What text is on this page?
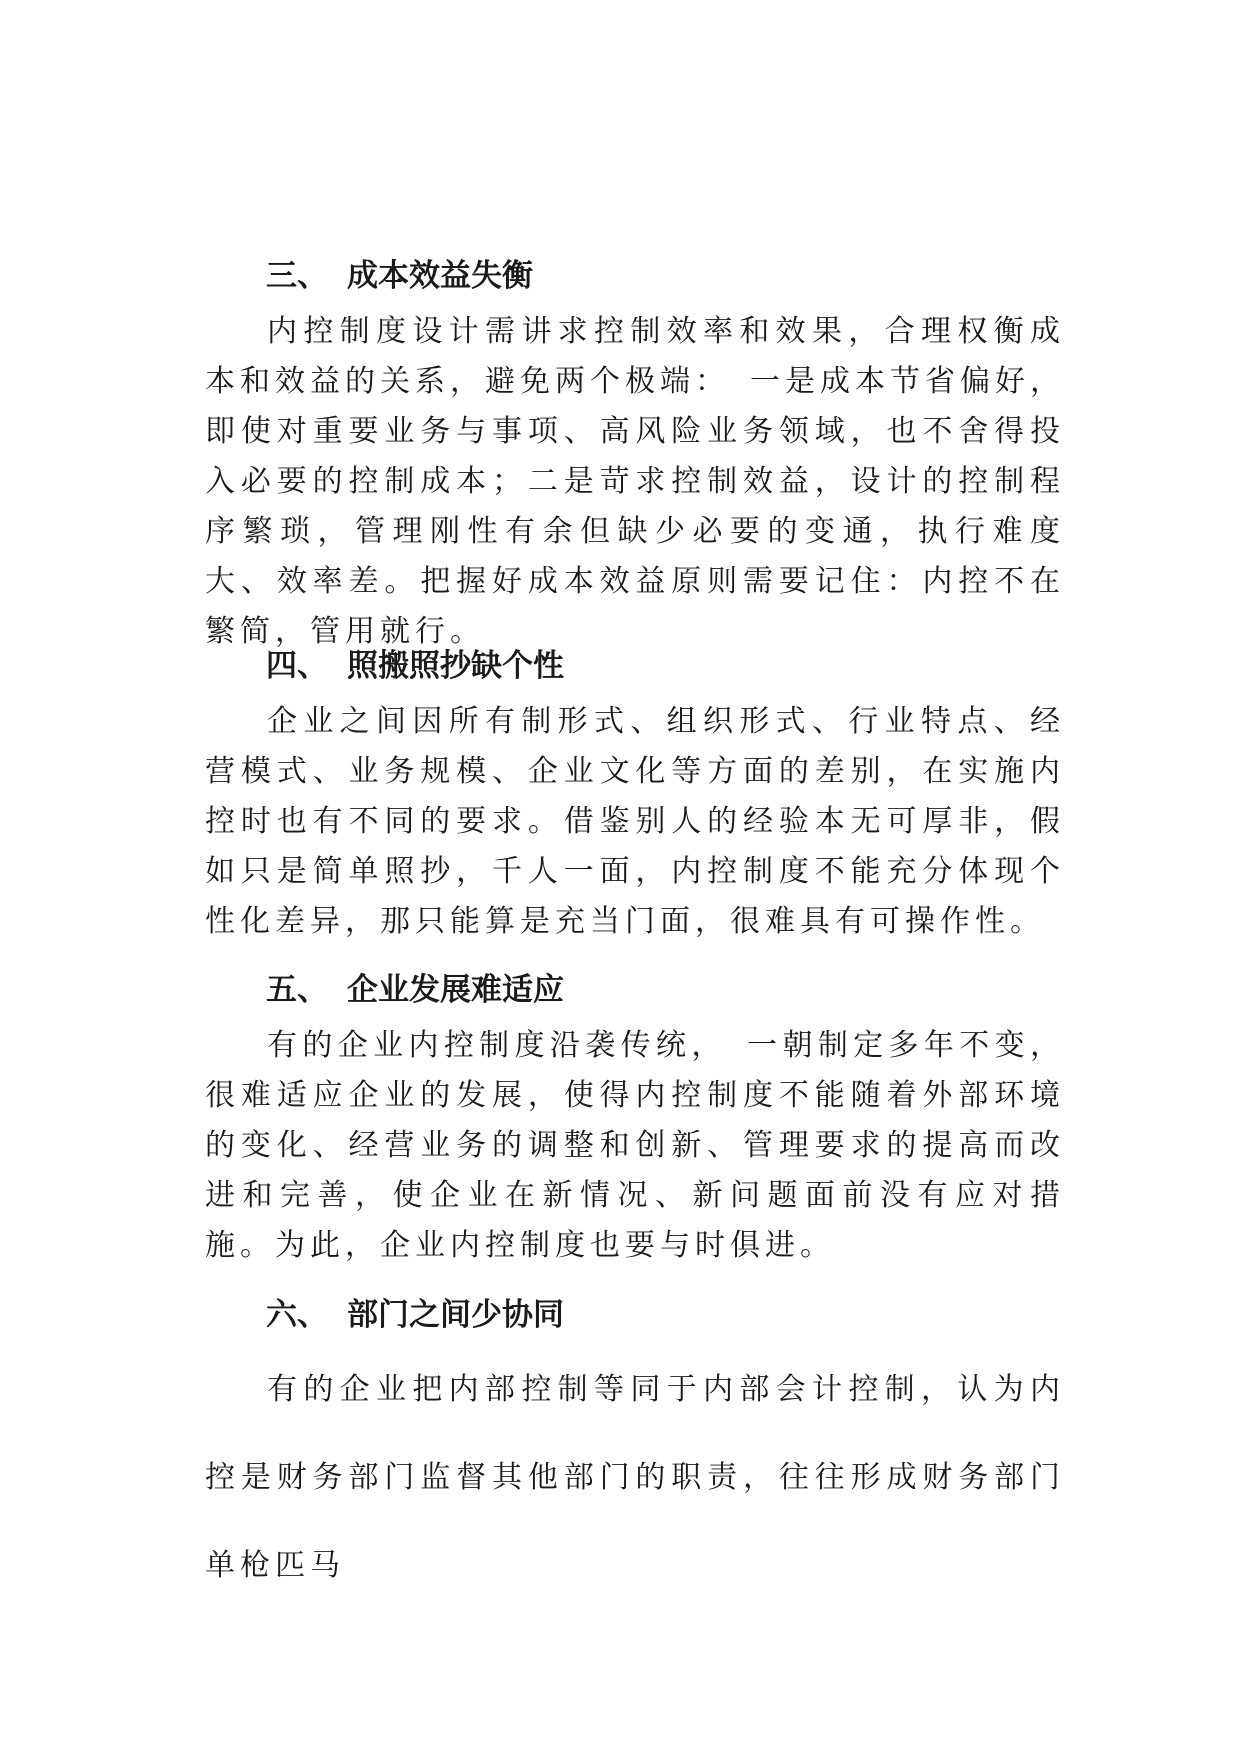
三、 成本效益失衡

内控制度设计需讲求控制效率和效果，合理权衡成本和效益的关系，避免两个极端：　一是成本节省偏好，即使对重要业务与事项、高风险业务领域，也不舍得投入必要的控制成本；二是苛求控制效益，设计的控制程序繁琐，管理刚性有余但缺少必要的变通，执行难度大、效率差。把握好成本效益原则需要记住：内控不在繁简，管用就行。

四、 照搬照抄缺个性

企业之间因所有制形式、组织形式、行业特点、经营模式、业务规模、企业文化等方面的差别，在实施内控时也有不同的要求。借鉴别人的经验本无可厚非，假如只是简单照抄，千人一面，内控制度不能充分体现个性化差异，那只能算是充当门面，很难具有可操作性。

五、 企业发展难适应

有的企业内控制度沿袭传统，　一朝制定多年不变，很难适应企业的发展，使得内控制度不能随着外部环境的变化、经营业务的调整和创新、管理要求的提高而改进和完善，使企业在新情况、新问题面前没有应对措施。为此，企业内控制度也要与时俱进。

六、 部门之间少协同

有的企业把内部控制等同于内部会计控制，认为内控是财务部门监督其他部门的职责，往往形成财务部门单枪匹马
